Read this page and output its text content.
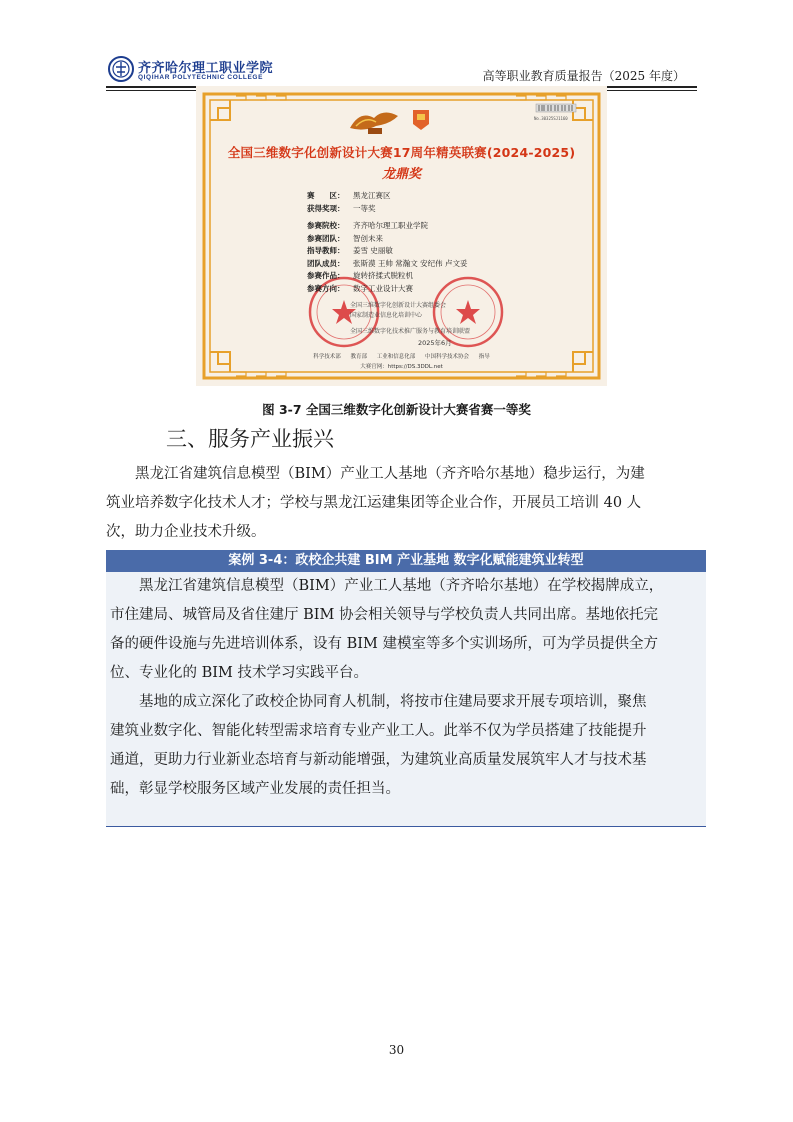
齐齐哈尔理工职业学院
QIQIHAR POLYTECHNIC COLLEGE	高等职业教育质量报告（2025 年度）
No.30325SJ1160
全国三维数字化创新设计大赛17周年精英联赛(2024-2025)
龙鼎奖
赛　　区： 黑龙江赛区
获得奖项： 一等奖
参赛院校： 齐齐哈尔理工职业学院
参赛团队： 智创未来
指导教师： 姜雪 史丽敏
团队成员： 张斯漠 王帅 常瀚文 安纪伟 卢文妥
参赛作品： 旋转挤揉式脱粒机
参赛方向： 数字工业设计大赛
全国三维数字化创新设计大赛组委会
国家制造业信息化培训中心
全国三维数字化技术推广服务与教育培训联盟
2025年6月
科学技术部 教育部 工业和信息化部 中国科学技术协会 指导
大赛官网：https://DS.3DDL.net
图 3-7 全国三维数字化创新设计大赛省赛一等奖
三、服务产业振兴
黑龙江省建筑信息模型（BIM）产业工人基地（齐齐哈尔基地）稳步运行，为建
筑业培养数字化技术人才；学校与黑龙江运建集团等企业合作，开展员工培训 40 人
次，助力企业技术升级。
案例 3-4：政校企共建 BIM 产业基地 数字化赋能建筑业转型
黑龙江省建筑信息模型（BIM）产业工人基地（齐齐哈尔基地）在学校揭牌成立，
市住建局、城管局及省住建厅 BIM 协会相关领导与学校负责人共同出席。基地依托完
备的硬件设施与先进培训体系，设有 BIM 建模室等多个实训场所，可为学员提供全方
位、专业化的 BIM 技术学习实践平台。
基地的成立深化了政校企协同育人机制，将按市住建局要求开展专项培训，聚焦
建筑业数字化、智能化转型需求培育专业产业工人。此举不仅为学员搭建了技能提升
通道，更助力行业新业态培育与新动能增强，为建筑业高质量发展筑牢人才与技术基
础，彰显学校服务区域产业发展的责任担当。
30
